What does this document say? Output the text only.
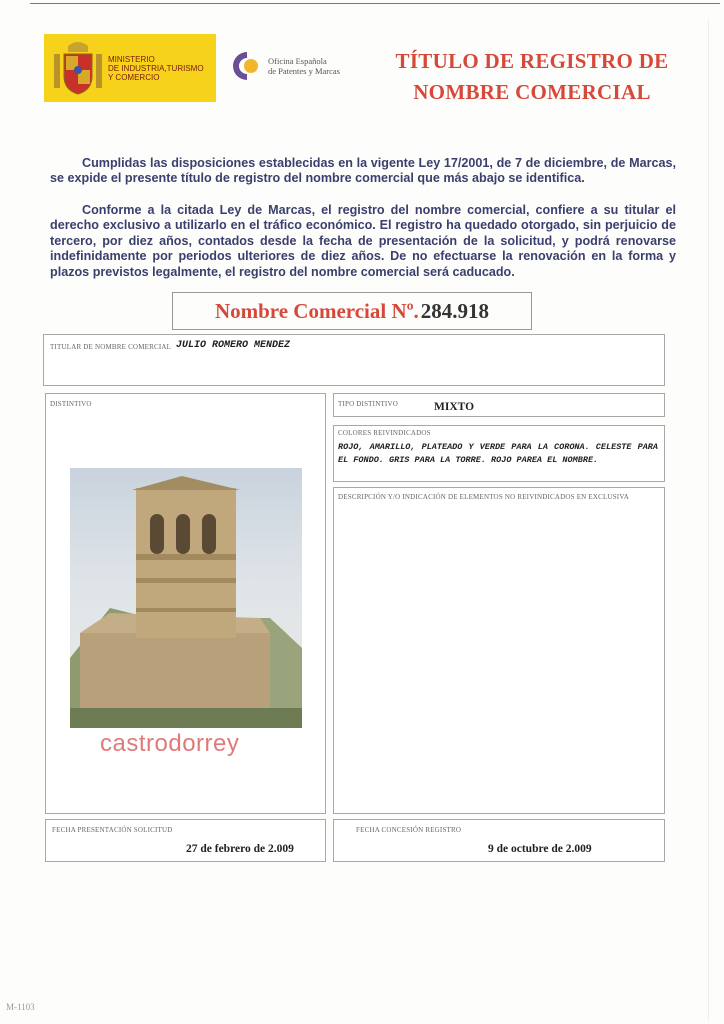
MINISTERIO
DE INDUSTRIA,TURISMO
Y COMERCIO
Oficina Española
de Patentes y Marcas	TÍTULO DE REGISTRO DE
NOMBRE COMERCIAL
Cumplidas las disposiciones establecidas en la vigente Ley 17/2001, de 7 de diciembre, de Marcas, se expide el presente título de registro del nombre comercial que más abajo se identifica.
Conforme a la citada Ley de Marcas, el registro del nombre comercial, confiere a su titular el derecho exclusivo a utilizarlo en el tráfico económico. El registro ha quedado otorgado, sin perjuicio de tercero, por diez años, contados desde la fecha de presentación de la solicitud, y podrá renovarse indefinidamente por periodos ulteriores de diez años. De no efectuarse la renovación en la forma y plazos previstos legalmente, el registro del nombre comercial será caducado.
Nombre Comercial Nº. 284.918
TITULAR DE NOMBRE COMERCIAL JULIO ROMERO MENDEZ
DISTINTIVO
castrodorrey
TIPO DISTINTIVO	MIXTO
COLORES REIVINDICADOS
ROJO, AMARILLO, PLATEADO Y VERDE PARA LA CORONA. CELESTE PARA EL FONDO. GRIS PARA LA TORRE. ROJO PAREA EL NOMBRE.
DESCRIPCIÓN Y/O INDICACIÓN DE ELEMENTOS NO REIVINDICADOS EN EXCLUSIVA
FECHA PRESENTACIÓN SOLICITUD
27 de febrero de 2.009
FECHA CONCESIÓN REGISTRO
9 de octubre de 2.009
M-1103
